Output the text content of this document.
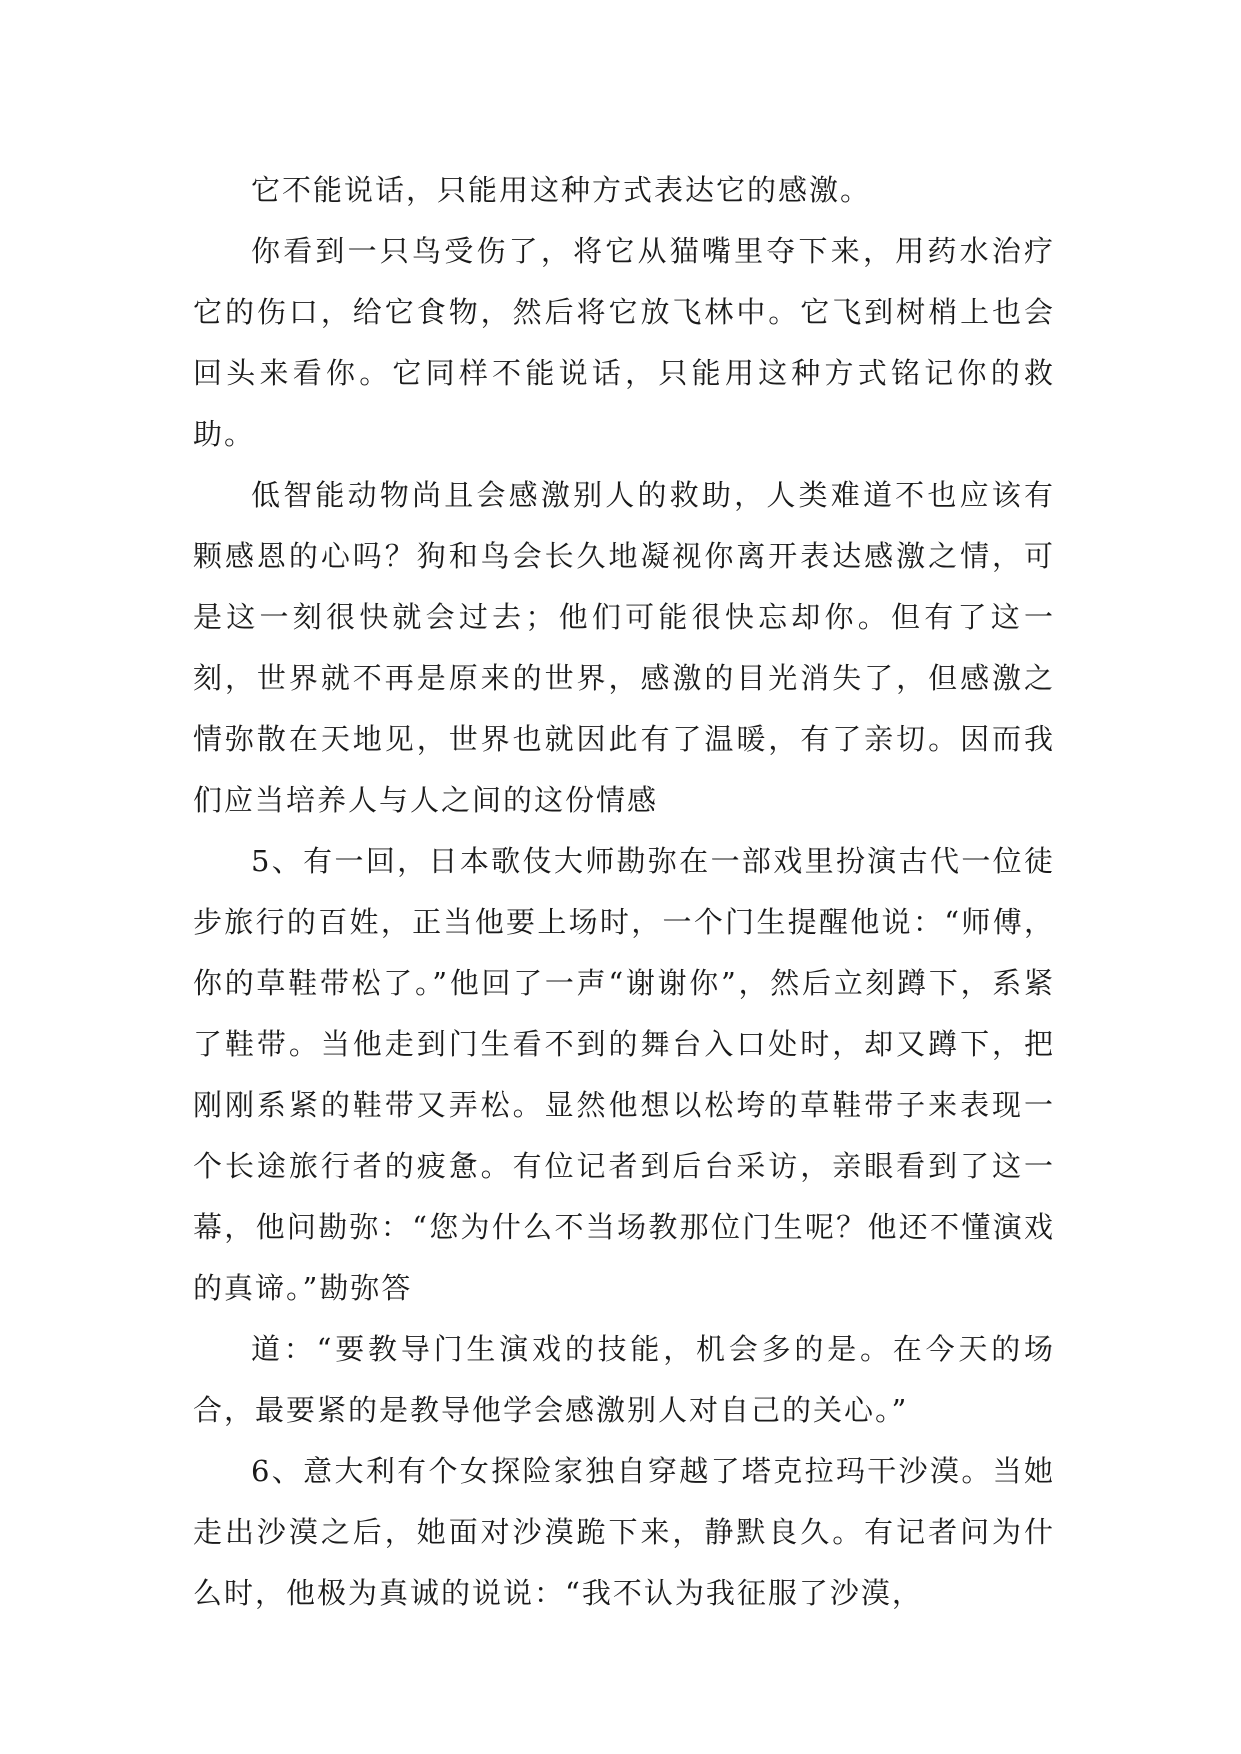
它不能说话，只能用这种方式表达它的感激。

你看到一只鸟受伤了，将它从猫嘴里夺下来，用药水治疗它的伤口，给它食物，然后将它放飞林中。它飞到树梢上也会回头来看你。它同样不能说话，只能用这种方式铭记你的救助。

低智能动物尚且会感激别人的救助，人类难道不也应该有颗感恩的心吗？狗和鸟会长久地凝视你离开表达感激之情，可是这一刻很快就会过去；他们可能很快忘却你。但有了这一刻，世界就不再是原来的世界，感激的目光消失了，但感激之情弥散在天地见，世界也就因此有了温暖，有了亲切。因而我们应当培养人与人之间的这份情感

5、有一回，日本歌伎大师勘弥在一部戏里扮演古代一位徒步旅行的百姓，正当他要上场时，一个门生提醒他说：“师傅，你的草鞋带松了。”他回了一声“谢谢你”，然后立刻蹲下，系紧了鞋带。当他走到门生看不到的舞台入口处时，却又蹲下，把刚刚系紧的鞋带又弄松。显然他想以松垮的草鞋带子来表现一个长途旅行者的疲惫。有位记者到后台采访，亲眼看到了这一幕，他问勘弥：“您为什么不当场教那位门生呢？他还不懂演戏的真谛。”勘弥答

道：“要教导门生演戏的技能，机会多的是。在今天的场合，最要紧的是教导他学会感激别人对自己的关心。”

6、意大利有个女探险家独自穿越了塔克拉玛干沙漠。当她走出沙漠之后，她面对沙漠跪下来，静默良久。有记者问为什么时，他极为真诚的说说：“我不认为我征服了沙漠，
